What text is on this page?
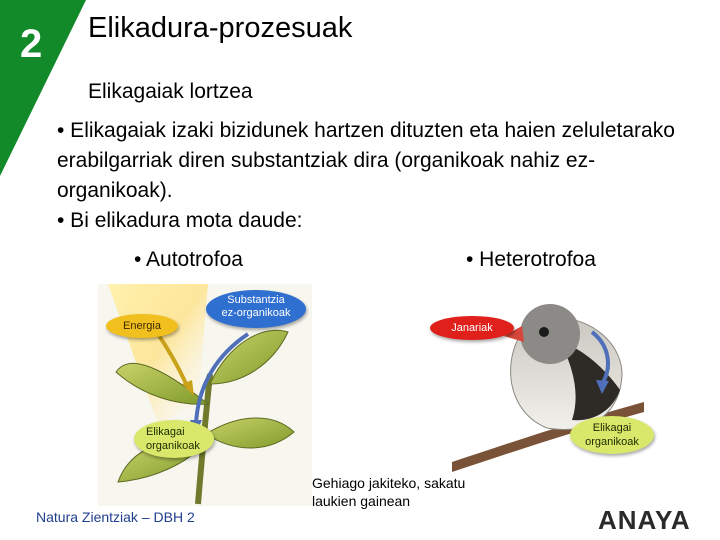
2 Elikadura-prozesuak
Elikagaiak lortzea

• Elikagaiak izaki bizidunek hartzen dituzten eta haien zeluletarako erabilgarriak diren substantziak dira (organikoak nahiz ez-organikoak).

• Bi elikadura mota daude:

• Autotrofoa	• Heterotrofoa
Energia
Substantzia
ez-organikoak
Elikagai
organikoak
Janariak
Elikagai
organikoak
Gehiago jakiteko, sakatu
laukien gainean
Natura Zientziak – DBH 2	ANAYA
